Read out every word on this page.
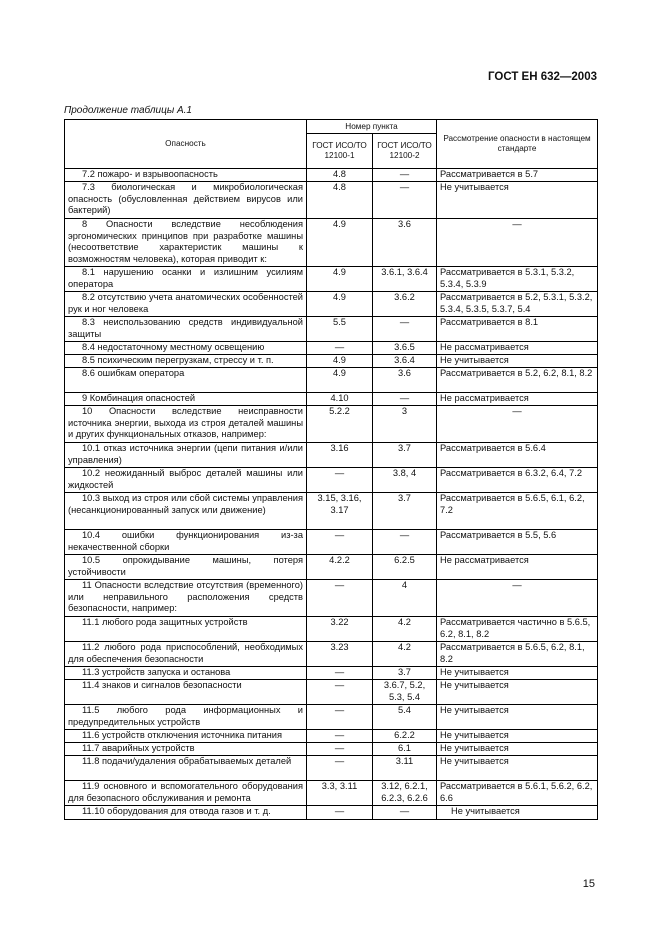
ГОСТ ЕН 632—2003
Продолжение таблицы А.1
Опасность	Номер пункта		Рассмотрение опасности в настоящем стандарте
	ГОСТ ИСО/ТО 12100-1	ГОСТ ИСО/ТО 12100-2	
7.2 пожаро- и взрывоопасность	4.8	—	Рассматривается в 5.7
7.3 биологическая и микробиологическая опасность (обусловленная действием вирусов или бактерий)	4.8	—	Не учитывается
8 Опасности вследствие несоблюдения эргономических принципов при разработке машины (несоответствие характеристик машины к возможностям человека), которая приводит к:	4.9	3.6	—
8.1 нарушению осанки и излишним усилиям оператора	4.9	3.6.1, 3.6.4	Рассматривается в 5.3.1, 5.3.2, 5.3.4, 5.3.9
8.2 отсутствию учета анатомических особенностей рук и ног человека	4.9	3.6.2	Рассматривается в 5.2, 5.3.1, 5.3.2, 5.3.4, 5.3.5, 5.3.7, 5.4
8.3 неиспользованию средств индивидуальной защиты	5.5	—	Рассматривается в 8.1
8.4 недостаточному местному освещению	—	3.6.5	Не рассматривается
8.5 психическим перегрузкам, стрессу и т. п.	4.9	3.6.4	Не учитывается
8.6 ошибкам оператора	4.9	3.6	Рассматривается в 5.2, 6.2, 8.1, 8.2
9 Комбинация опасностей	4.10	—	Не рассматривается
10 Опасности вследствие неисправности источника энергии, выхода из строя деталей машины и других функциональных отказов, например:	5.2.2	3	—
10.1 отказ источника энергии (цепи питания и/или управления)	3.16	3.7	Рассматривается в 5.6.4
10.2 неожиданный выброс деталей машины или жидкостей	—	3.8, 4	Рассматривается в 6.3.2, 6.4, 7.2
10.3 выход из строя или сбой системы управления (несанкционированный запуск или движение)	3.15, 3.16, 3.17	3.7	Рассматривается в 5.6.5, 6.1, 6.2, 7.2
10.4 ошибки функционирования из-за некачественной сборки	—	—	Рассматривается в 5.5, 5.6
10.5 опрокидывание машины, потеря устойчивости	4.2.2	6.2.5	Не рассматривается
11 Опасности вследствие отсутствия (временного) или неправильного расположения средств безопасности, например:	—	4	—
11.1 любого рода защитных устройств	3.22	4.2	Рассматривается частично в 5.6.5, 6.2, 8.1, 8.2
11.2 любого рода приспособлений, необходимых для обеспечения безопасности	3.23	4.2	Рассматривается в 5.6.5, 6.2, 8.1, 8.2
11.3 устройств запуска и останова	—	3.7	Не учитывается
11.4 знаков и сигналов безопасности	—	3.6.7, 5.2, 5.3, 5.4	Не учитывается
11.5 любого рода информационных и предупредительных устройств	—	5.4	Не учитывается
11.6 устройств отключения источника питания	—	6.2.2	Не учитывается
11.7 аварийных устройств	—	6.1	Не учитывается
11.8 подачи/удаления обрабатываемых деталей	—	3.11	Не учитывается
11.9 основного и вспомогательного оборудования для безопасного обслуживания и ремонта	3.3, 3.11	3.12, 6.2.1, 6.2.3, 6.2.6	Рассматривается в 5.6.1, 5.6.2, 6.2, 6.6
11.10 оборудования для отвода газов и т. д.	—	—	Не учитывается
15
